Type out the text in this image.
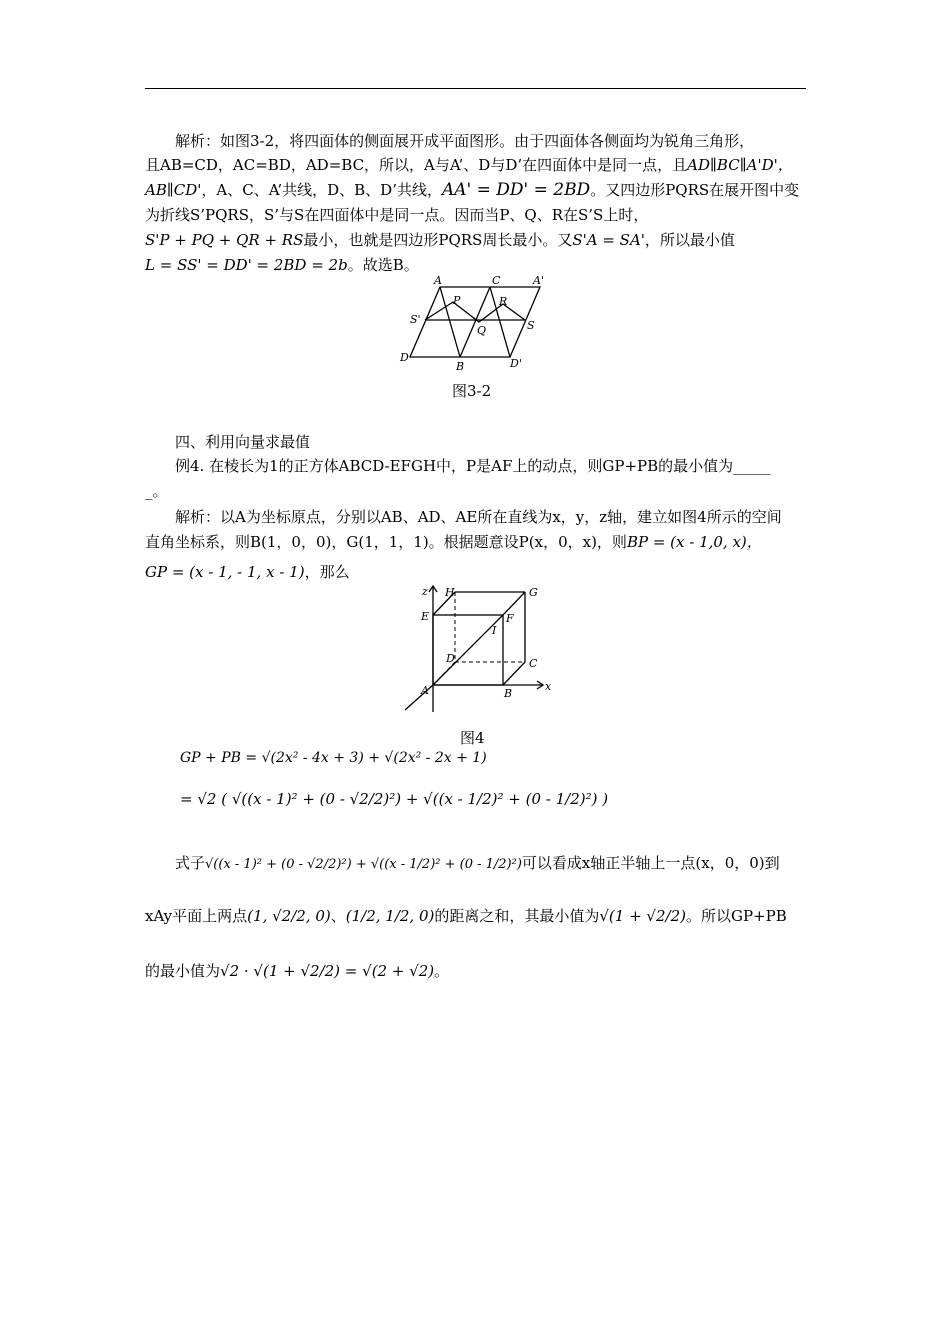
解析：如图3-2，将四面体的侧面展开成平面图形。由于四面体各侧面均为锐角三角形，
且AB=CD，AC=BD，AD=BC，所以，A与A’、D与D’在四面体中是同一点，且AD∥BC∥A'D'，
AB∥CD'，A、C、A’共线，D、B、D’共线，AA' = DD' = 2BD。又四边形PQRS在展开图中变
为折线S’PQRS，S’与S在四面体中是同一点。因而当P、Q、R在S’S上时，
S'P + PQ + QR + RS最小，也就是四边形PQRS周长最小。又S'A = SA'，所以最小值
L = SS' = DD' = 2BD = 2b。故选B。
A	C	A'
P	R
S'
Q	S
D
B	D'
图3-2
四、利用向量求最值
例4. 在棱长为1的正方体ABCD-EFGH中，P是AF上的动点，则GP+PB的最小值为_____
_。
解析：以A为坐标原点，分别以AB、AD、AE所在直线为x，y，z轴，建立如图4所示的空间
直角坐标系，则B(1，0，0)，G(1，1，1)。根据题意设P(x，0，x)，则BP = (x - 1,0, x)，
GP = (x - 1, - 1, x - 1)，那么
z H	G
E	F
I
D	C
A	B
x
图4
GP + PB = √(2x² - 4x + 3) + √(2x² - 2x + 1)
= √2 ( √((x - 1)² + (0 - √2/2)²) + √((x - 1/2)² + (0 - 1/2)²) )
式子√((x - 1)² + (0 - √2/2)²) + √((x - 1/2)² + (0 - 1/2)²)可以看成x轴正半轴上一点(x，0，0)到
xAy平面上两点(1, √2/2, 0)、(1/2, 1/2, 0)的距离之和，其最小值为√(1 + √2/2)。所以GP+PB
的最小值为√2 · √(1 + √2/2) = √(2 + √2)。
